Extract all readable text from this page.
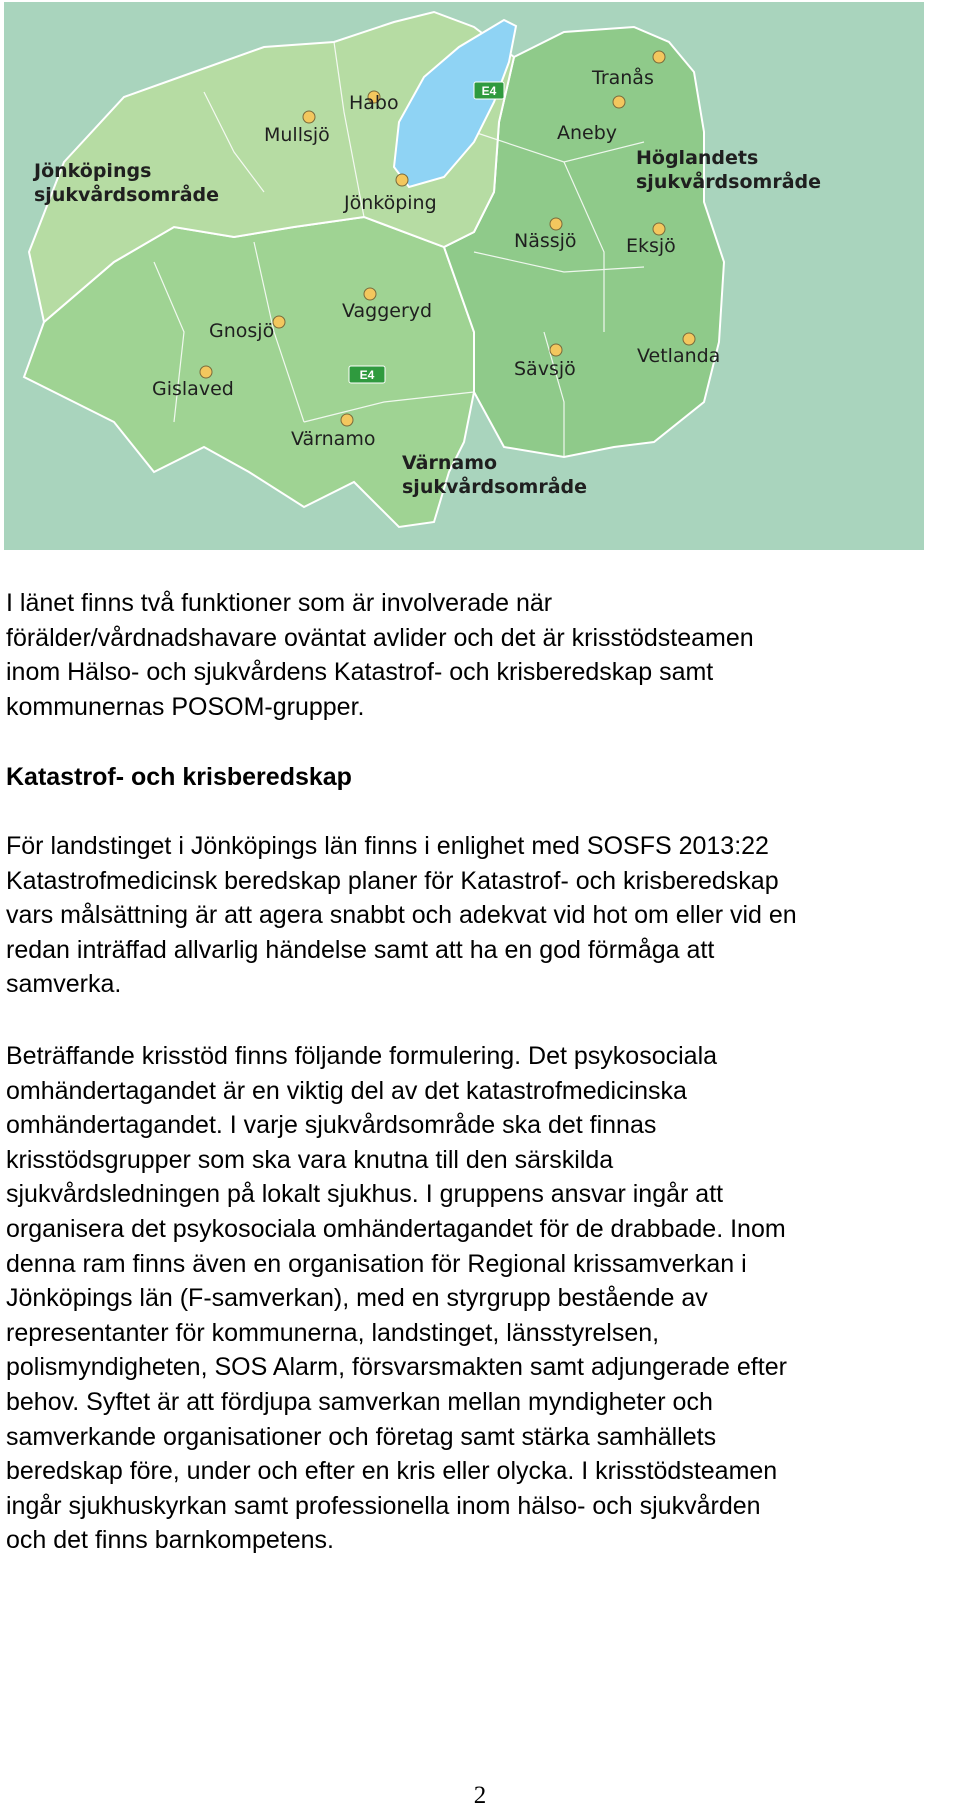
E4
E4
Habo
Mullsjö
Jönköping
Tranås
Aneby
Nässjö	Eksjö
Vaggeryd
Gnosjö
Gislaved
Värnamo
Sävsjö
Vetlanda
Jönköpings
sjukvårdsområde
Höglandets
sjukvårdsområde
Värnamo
sjukvårdsområde

I länet finns två funktioner som är involverade när

förälder/vårdnadshavare oväntat avlider och det är krisstödsteamen

inom Hälso- och sjukvårdens Katastrof- och krisberedskap samt

kommunernas POSOM-grupper.

Katastrof- och krisberedskap

För landstinget i Jönköpings län finns i enlighet med SOSFS 2013:22

Katastrofmedicinsk beredskap planer för Katastrof- och krisberedskap

vars målsättning är att agera snabbt och adekvat vid hot om eller vid en

redan inträffad allvarlig händelse samt att ha en god förmåga att

samverka.

Beträffande krisstöd finns följande formulering. Det psykosociala

omhändertagandet är en viktig del av det katastrofmedicinska

omhändertagandet. I varje sjukvårdsområde ska det finnas

krisstödsgrupper som ska vara knutna till den särskilda

sjukvårdsledningen på lokalt sjukhus. I gruppens ansvar ingår att

organisera det psykosociala omhändertagandet för de drabbade. Inom

denna ram finns även en organisation för Regional krissamverkan i

Jönköpings län (F-samverkan), med en styrgrupp bestående av

representanter för kommunerna, landstinget, länsstyrelsen,

polismyndigheten, SOS Alarm, försvarsmakten samt adjungerade efter

behov. Syftet är att fördjupa samverkan mellan myndigheter och

samverkande organisationer och företag samt stärka samhällets

beredskap före, under och efter en kris eller olycka. I krisstödsteamen

ingår sjukhuskyrkan samt professionella inom hälso- och sjukvården

och det finns barnkompetens.

2
